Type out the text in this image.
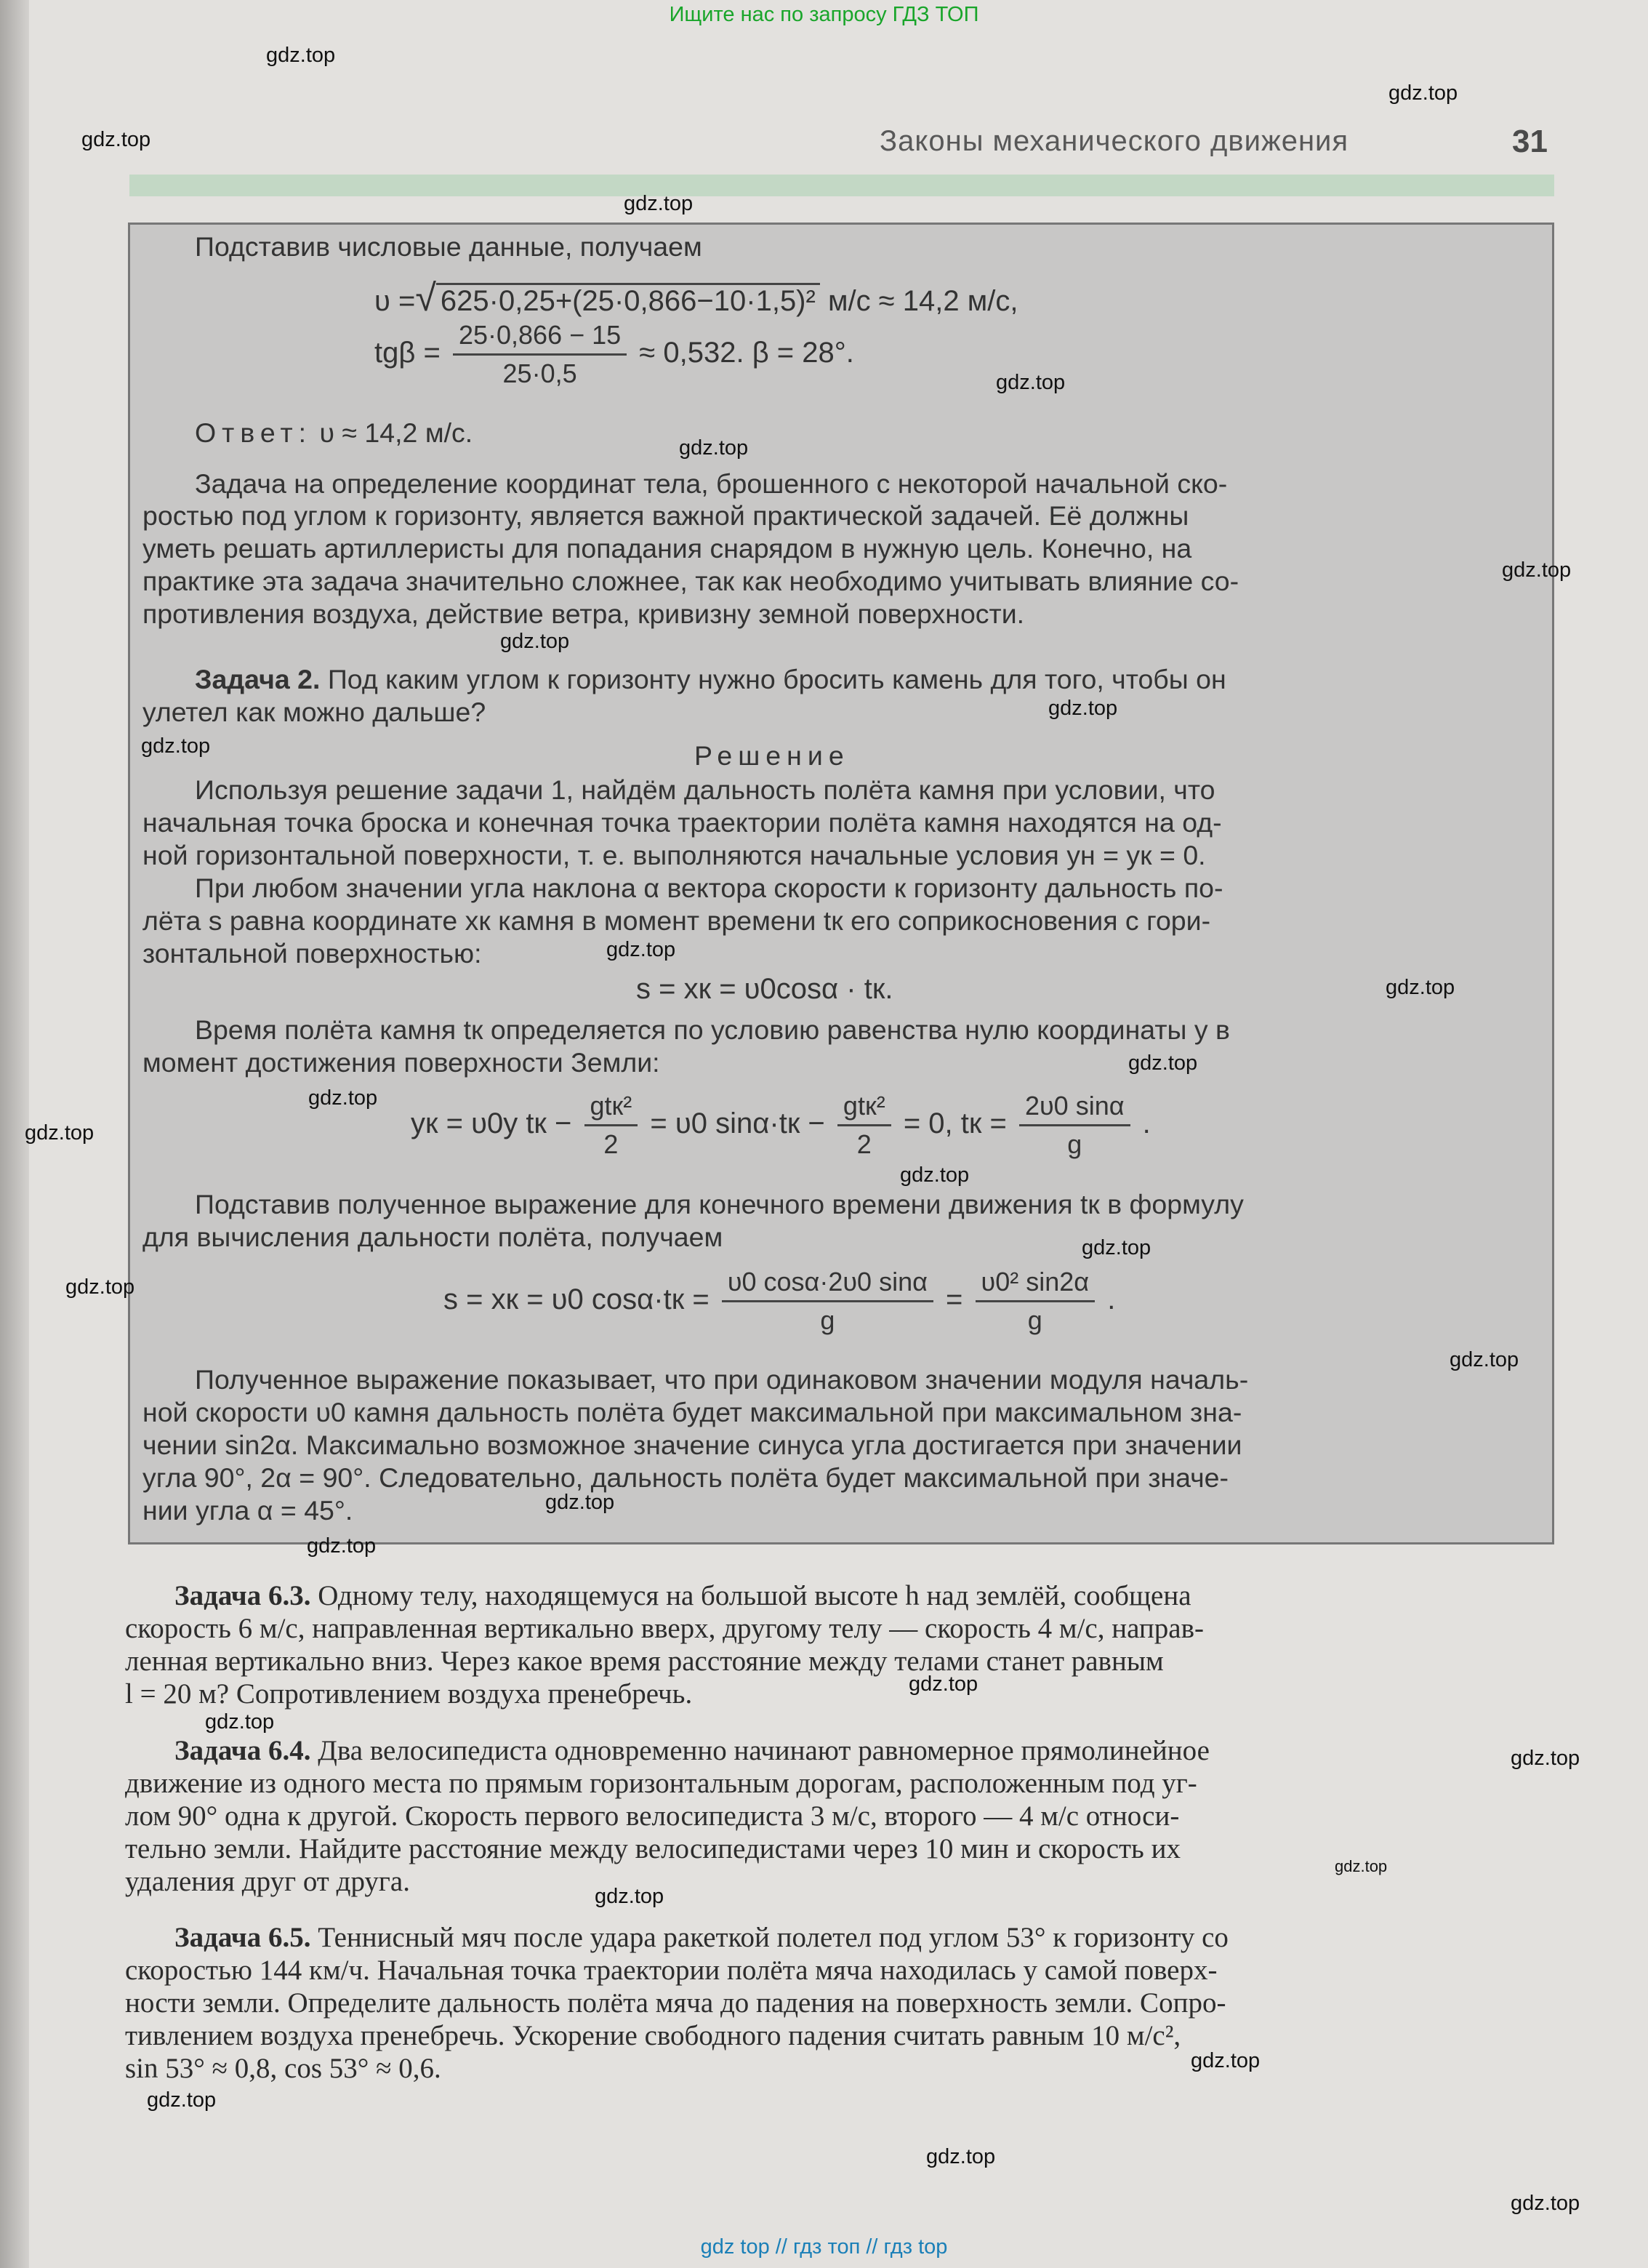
Ищите нас по запросу ГДЗ ТОП
Законы механического движения	31
Подставив числовые данные, получаем
υ =√ 625·0,25+(25·0,866−10·1,5)² м/с ≈ 14,2 м/с,
$tg\beta = \frac{25\cdot 0,866 - 15}{25\cdot 0,5} \approx 0,532$. β = 28°.
Ответ: υ ≈ 14,2 м/с.
Задача на определение координат тела, брошенного с некоторой начальной ско-
ростью под углом к горизонту, является важной практической задачей. Её должны
уметь решать артиллеристы для попадания снарядом в нужную цель. Конечно, на
практике эта задача значительно сложнее, так как необходимо учитывать влияние со-
противления воздуха, действие ветра, кривизну земной поверхности.
Задача 2. Под каким углом к горизонту нужно бросить камень для того, чтобы он
улетел как можно дальше?
Решение
Используя решение задачи 1, найдём дальность полёта камня при условии, что
начальная точка броска и конечная точка траектории полёта камня находятся на од-
ной горизонтальной поверхности, т. е. выполняются начальные условия yн = yк = 0.
При любом значении угла наклона α вектора скорости к горизонту дальность по-
лёта s равна координате xк камня в момент времени tк его соприкосновения с гори-
зонтальной поверхностью:
s = xк = υ0cosα · tк.
Время полёта камня tк определяется по условию равенства нулю координаты y в
момент достижения поверхности Земли:
yк = υ0y tк − $\frac{\text{gtк²}}{2} = \upsilon 0$ $\sin\alpha\cdot tк - \frac{\text{gtк²}}{2} = 0$, tк = $\frac{2\upsilon 0 \sin\alpha}{g}$ .
Подставив полученное выражение для конечного времени движения tк в формулу
для вычисления дальности полёта, получаем
s = xк = υ0 $\cos\alpha\cdot tк = \frac{\upsilon 0 \cos\alpha\cdot 2\upsilon 0 \sin\alpha}{g} = \frac{\text{υ0² sin2α}}{g}$ .
Полученное выражение показывает, что при одинаковом значении модуля началь-
ной скорости υ0 камня дальность полёта будет максимальной при максимальном зна-
чении sin2α. Максимально возможное значение синуса угла достигается при значении
угла 90°, 2α = 90°. Следовательно, дальность полёта будет максимальной при значе-
нии угла α = 45°.
Задача 6.3. Одному телу, находящемуся на большой высоте h над землёй, сообщена
скорость 6 м/с, направленная вертикально вверх, другому телу — скорость 4 м/с, направ-
ленная вертикально вниз. Через какое время расстояние между телами станет равным
l = 20 м? Сопротивлением воздуха пренебречь.
Задача 6.4. Два велосипедиста одновременно начинают равномерное прямолинейное
движение из одного места по прямым горизонтальным дорогам, расположенным под уг-
лом 90° одна к другой. Скорость первого велосипедиста 3 м/с, второго — 4 м/с относи-
тельно земли. Найдите расстояние между велосипедистами через 10 мин и скорость их
удаления друг от друга.
Задача 6.5. Теннисный мяч после удара ракеткой полетел под углом 53° к горизонту со
скоростью 144 км/ч. Начальная точка траектории полёта мяча находилась у самой поверх-
ности земли. Определите дальность полёта мяча до падения на поверхность земли. Сопро-
тивлением воздуха пренебречь. Ускорение свободного падения считать равным 10 м/с²,
sin 53° ≈ 0,8, cos 53° ≈ 0,6.
gdz.top
gdz.top
gdz.top
gdz.top
gdz.top
gdz.top
gdz.top
gdz.top
gdz.top
gdz.top
gdz.top
gdz.top
gdz.top
gdz.top
gdz.top
gdz.top
gdz.top
gdz.top
gdz.top
gdz.top
gdz.top
gdz.top
gdz.top
gdz.top
gdz.top
gdz.top
gdz.top
gdz.top
gdz.top
gdz.top
gdz top // гдз топ // гдз top
